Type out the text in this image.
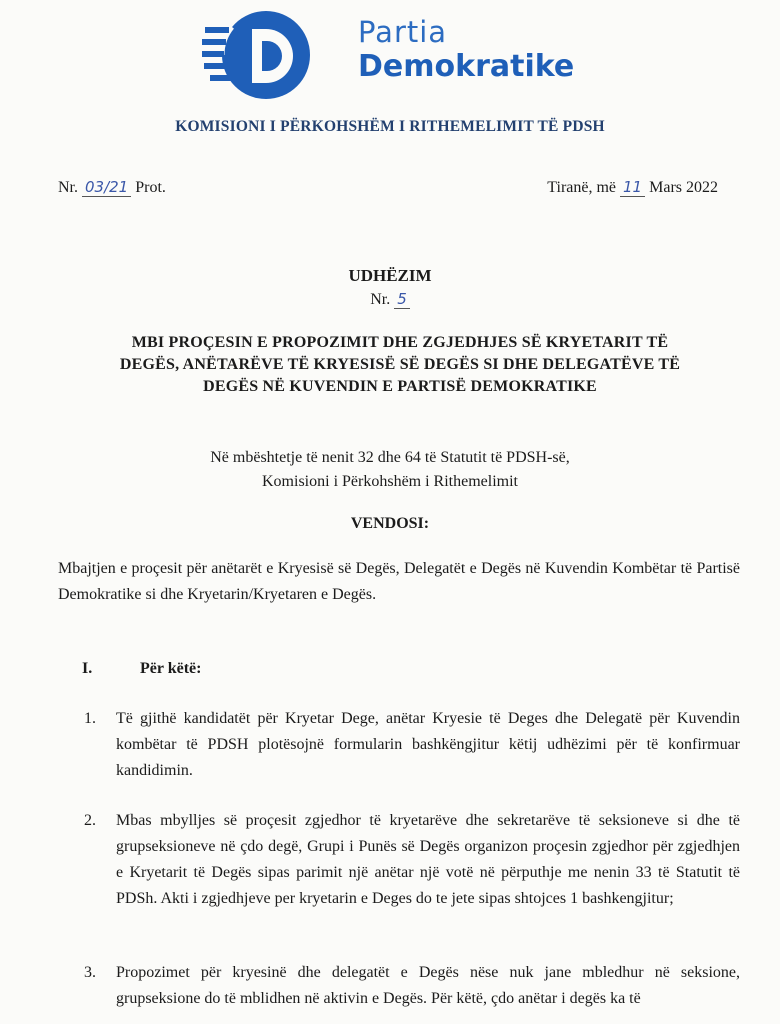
Partia
Demokratike
KOMISIONI I PËRKOHSHËM I RITHEMELIMIT TË PDSH
Nr. 03/21 Prot.	Tiranë, më 11 Mars 2022
UDHËZIM
Nr. 5
MBI PROÇESIN E PROPOZIMIT DHE ZGJEDHJES SË KRYETARIT TË
DEGËS, ANËTARËVE TË KRYESISË SË DEGËS SI DHE DELEGATËVE TË
DEGËS NË KUVENDIN E PARTISË DEMOKRATIKE
Në mbështetje të nenit 32 dhe 64 të Statutit të PDSH-së,
Komisioni i Përkohshëm i Rithemelimit
VENDOSI:
Mbajtjen e proçesit për anëtarët e Kryesisë së Degës, Delegatët e Degës në Kuvendin Kombëtar të Partisë Demokratike si dhe Kryetarin/Kryetaren e Degës.
I.	Për këtë:
1. Të gjithë kandidatët për Kryetar Dege, anëtar Kryesie të Deges dhe Delegatë për Kuvendin kombëtar të PDSH plotësojnë formularin bashkëngjitur këtij udhëzimi për të konfirmuar kandidimin.
2. Mbas mbylljes së proçesit zgjedhor të kryetarëve dhe sekretarëve të seksioneve si dhe të grupseksioneve në çdo degë, Grupi i Punës së Degës organizon proçesin zgjedhor për zgjedhjen e Kryetarit të Degës sipas parimit një anëtar një votë në përputhje me nenin 33 të Statutit të PDSh. Akti i zgjedhjeve per kryetarin e Deges do te jete sipas shtojces 1 bashkengjitur;
3. Propozimet për kryesinë dhe delegatët e Degës nëse nuk jane mbledhur në seksione, grupseksione do të mblidhen në aktivin e Degës. Për këtë, çdo anëtar i degës ka të
